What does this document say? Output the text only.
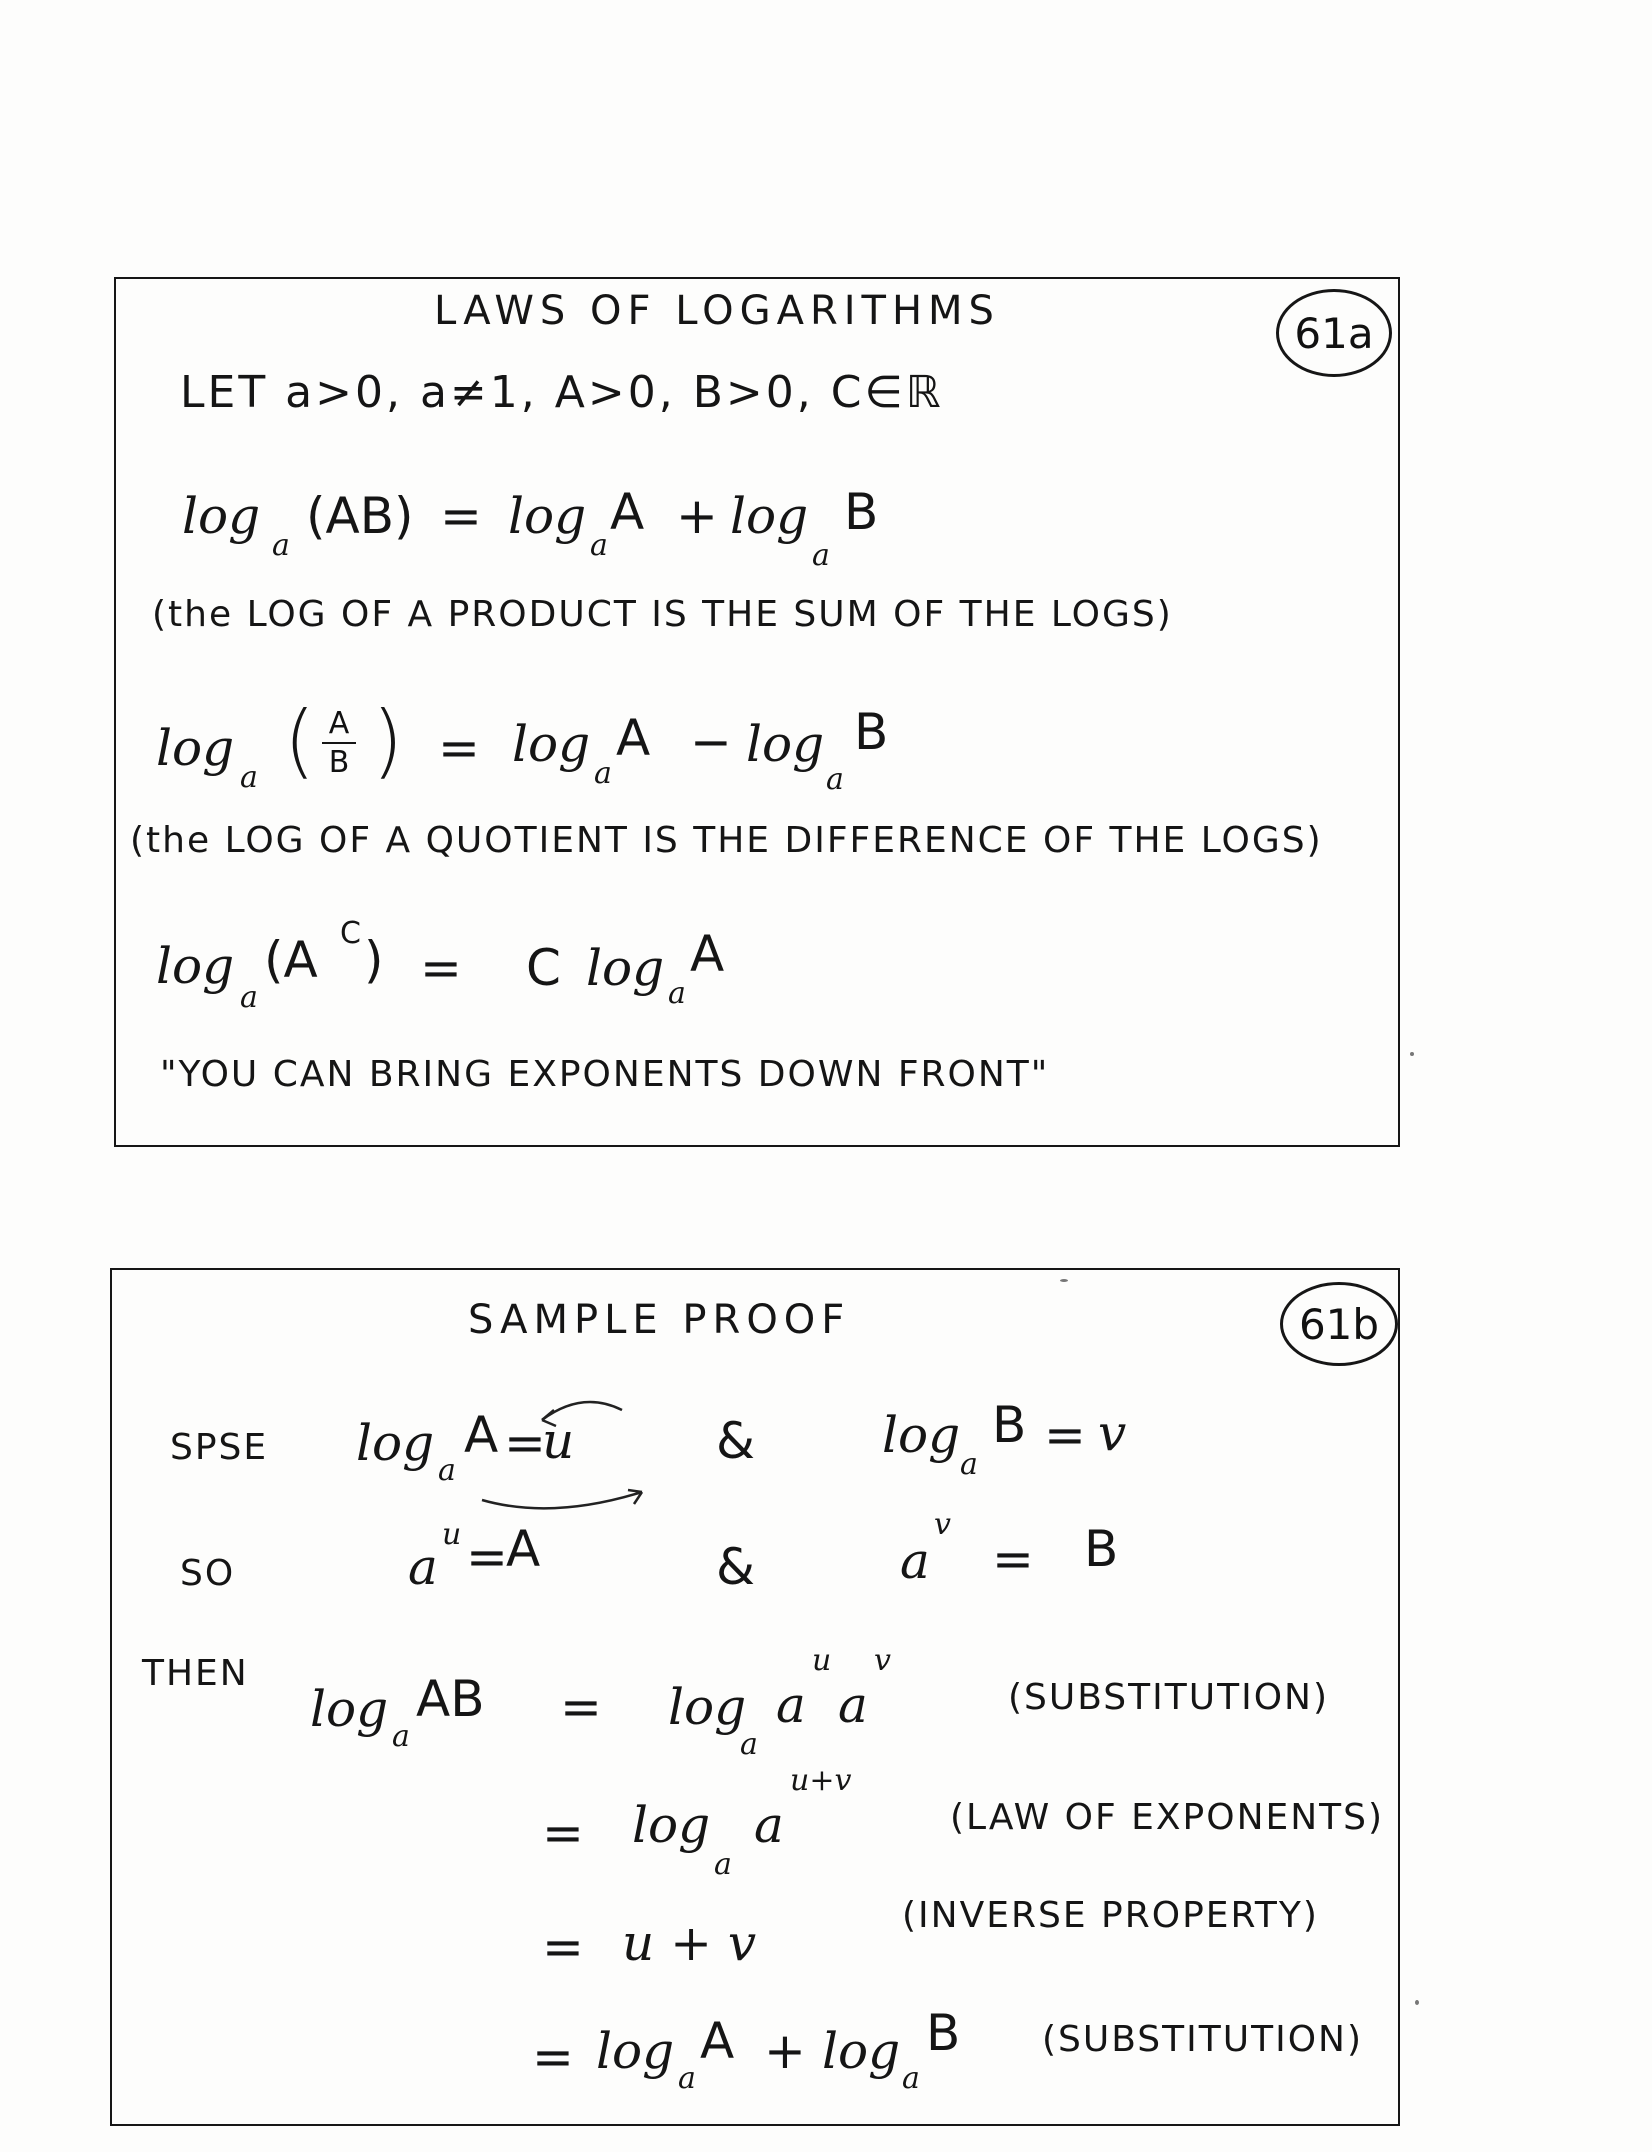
LAWS OF LOGARITHMS	61a
LET a>0, a≠1, A>0, B>0, C∈ℝ
log
a
(AB) = log
a
A + log
a
B
(the LOG OF A PRODUCT IS THE SUM OF THE LOGS)
log
a ( A
B ) = log
a
A − log
a
B
(the LOG OF A QUOTIENT IS THE DIFFERENCE OF THE LOGS)
log
a
(A C ) = C log a
A
"YOU CAN BRING EXPONENTS DOWN FRONT"
SAMPLE PROOF	61b
SPSE log a
A =
u	&	log
a
B = v
SO	a
u =
A	&	a
v
= B
THEN
log a
AB = log
a
a
u
a
v
(SUBSTITUTION)
= log
a
a
u+v
(LAW OF EXPONENTS)
= u + v	(INVERSE PROPERTY)
= log a
A + log a
B (SUBSTITUTION)
